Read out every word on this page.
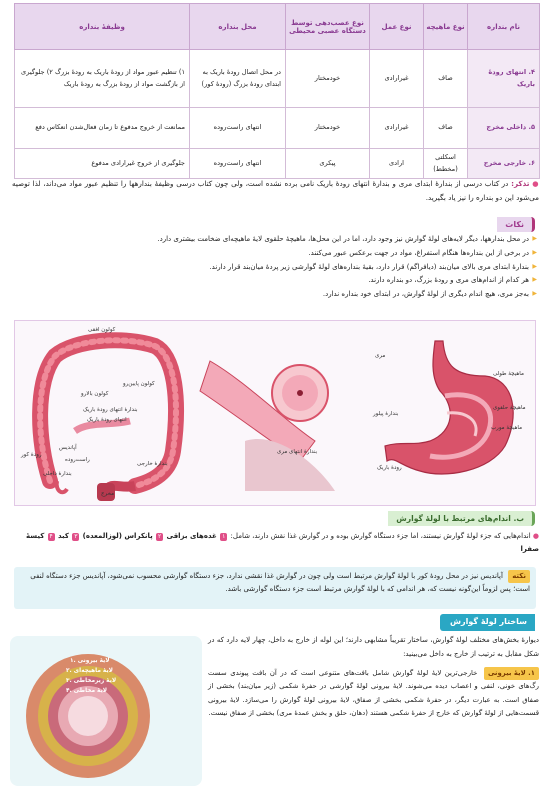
نام بنداره	نوع ماهیچه	نوع عمل	نوع عصب‌دهی توسط دستگاه عصبی محیطی	محل بنداره	وظیفهٔ بنداره
۴. انتهای رودهٔ باریک	صاف	غیرارادی	خودمختار	در محل اتصال رودهٔ باریک به ابتدای رودهٔ بزرگ (رودهٔ کور)	۱) تنظیم عبور مواد از رودهٔ باریک به رودهٔ بزرگ ۲) جلوگیری از بازگشت مواد از رودهٔ بزرگ به رودهٔ باریک
۵. داخلی مخرج	صاف	غیرارادی	خودمختار	انتهای راست‌روده	ممانعت از خروج مدفوع تا زمان فعال‌شدن انعکاس دفع
۶. خارجی مخرج	اسکلتی (مخطط)	ارادی	پیکری	انتهای راست‌روده	جلوگیری از خروج غیرارادی مدفوع

● تذکر: در کتاب درسی از بندارهٔ ابتدای مری و بندارهٔ انتهای رودهٔ باریک نامی برده نشده است، ولی چون کتاب درسی وظیفهٔ بندارهها را تنظیم عبور مواد می‌داند، لذا توصیه می‌شود این دو بنداره را نیز یاد بگیرید.

نکات
▶ در محل بندارهها، دیگر لایه‌های لولهٔ گوارش نیز وجود دارد، اما در این محل‌ها، ماهیچهٔ حلقوی لایهٔ ماهیچه‌ای ضخامت بیشتری دارد.
▶ در برخی از این بنداره‌ها هنگام استفراغ، مواد در جهت برعکس عبور می‌کنند.
▶ بندارهٔ ابتدای مری بالای میان‌بند (دیافراگم) قرار دارد، بقیهٔ بنداره‌های لولهٔ گوارشی زیر پردهٔ میان‌بند قرار دارند.
▶ هر کدام از اندام‌های مری و رودهٔ بزرگ، دو بنداره دارند.
▶ به‌جز مری، هیچ اندام دیگری از لولهٔ گوارش، در ابتدای خود بنداره ندارد.
کولون افقی
کولون بالارو
کولون پایین‌رو
بندارهٔ انتهای رودهٔ باریک
انتهای رودهٔ باریک
رودهٔ کور
آپاندیس
راست‌روده
بندارهٔ خارجی
بندارهٔ داخلی
مخرج
بندارهٔ انتهای مری
مری
ماهیچهٔ طولی
ماهیچهٔ حلقوی
ماهیچهٔ مورب
بندارهٔ پیلور
رودهٔ باریک
ب. اندام‌های مرتبط با لولهٔ گوارش
● اندام‌هایی که جزء لولهٔ گوارش نیستند، اما جزء دستگاه گوارش بوده و در گوارش غذا نقش دارند، شامل: ۱ غده‌های بزاقی ۲ پانکراس (لوزالمعده) ۳ کبد ۴ کیسهٔ صفرا
نکته آپاندیس نیز در محل رودهٔ کور با لولهٔ گوارش مرتبط است ولی چون در گوارش غذا نقشی ندارد، جزء دستگاه گوارشی محسوب نمی‌شود، آپاندیس جزء دستگاه لنفی است؛ پس لزوماً این‌گونه نیست که، هر اندامی که با لولهٔ گوارش مرتبط است جزء دستگاه گوارشی باشد.
ساختار لولهٔ گوارش

دیوارهٔ بخش‌های مختلف لولهٔ گوارش، ساختار تقریباً مشابهی دارند؛ این لوله از خارج به داخل، چهار لایه دارد که در شکل مقابل به ترتیب از خارج به داخل می‌بینید:

۱. لایهٔ بیرونی خارجی‌ترین لایهٔ لولهٔ گوارش شامل بافت‌های متنوعی است که در آن بافت پیوندی سست رگ‌های خونی، لنفی و اعصاب دیده می‌شوند. لایهٔ بیرونی لولهٔ گوارشی در حفرهٔ شکمی (زیر میان‌بند) بخشی از صفاق است. به عبارت دیگر، در حفرهٔ شکمی بخشی از صفاق، لایهٔ بیرونی لولهٔ گوارش را می‌سازد. لایهٔ بیرونی قسمت‌هایی از لولهٔ گوارش که خارج از حفرهٔ شکمی هستند (دهان، حلق و بخش عمدهٔ مری) بخشی از صفاق نیست.

۱. لایهٔ بیرونی
۲. لایهٔ ماهیچه‌ای
۳. لایهٔ زیرمخاطی
۴. لایهٔ مخاطی
